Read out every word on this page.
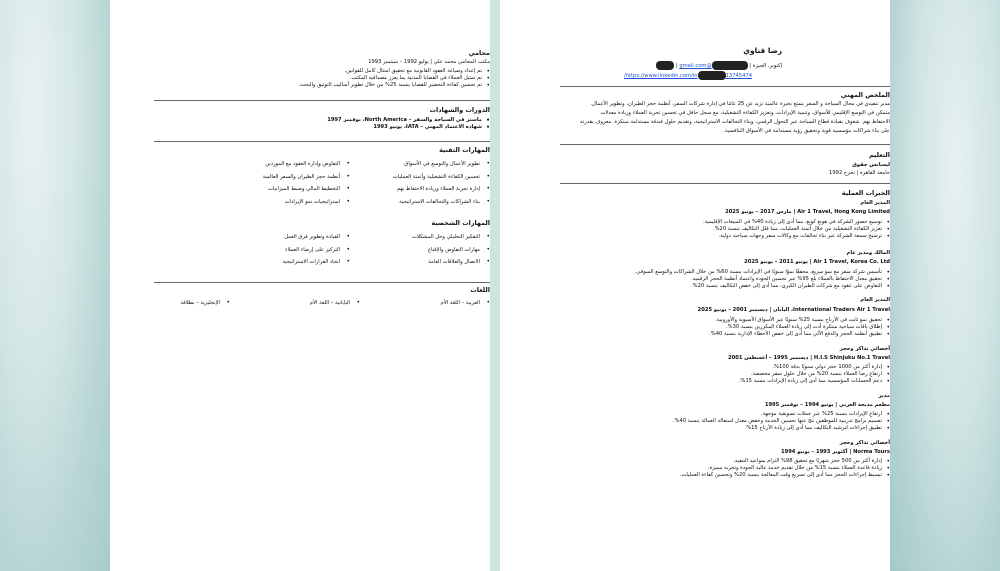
رضا قناوي
إكتوبر، الجيزة | @gmail.com |
13745474https://www.linkedin.com/in/
الملخص المهني
مدير تنفيذي في مجال السياحة و السفر يتمتع بخبرة عالمية تزيد عن 25 عامًا في إدارة شركات السفر، أنظمة حجز الطيران، وتطوير الأعمال.
متمكن في التوسع الإقليمي للأسواق، وتنمية الإيرادات، وتعزيز الكفاءة التشغيلية، مع سجل حافل في تحسين تجربة العملاء وزيادة معدلات
الاحتفاظ بهم. شغوف بقيادة قطاع السياحة عبر التحول الرقمي، وبناء التحالفات الاستراتيجية، وتقديم حلول فندقة مستدامة مبتكرة. معروف بقدرته
على بناء شراكات مؤسسية قوية وتحقيق رؤية مستدامة في الأسواق التنافسية.
التعليم
ليسانس حقوق
جامعة القاهرة | تخرج 1992
الخبرات العملية
المدير العام
Air 1 Travel, Hong Kong Limited | مارس 2017 – يونيو 2025
• توسيع حضور الشركة في هونغ كونغ، مما أدى إلى زيادة 40% في المبيعات الإقليمية.
• تعزيز الكفاءة التشغيلية من خلال أتمتة العمليات، مما قلل التكاليف بنسبة 20%.
• ترسيخ سمعة الشركة عبر بناء تحالفات مع وكالات سفر وجهات سياحية دولية.
المالك ومدير عام
Air 1 Travel, Korea Co. Ltd | يونيو 2011 – يونيو 2025
• تأسيس شركة سفر مع نمو سريع، محققًا نموًا سنويًا في الإيرادات بنسبة 60% من خلال الشراكات والتوسع السوقي.
• تحقيق معدل الاحتفاظ بالعملاء بلغ 95% عبر تحسين الجودة واعتماد أنظمة الحجز الرقمية.
• التفاوض على عقود مع شركات الطيران الكبرى، مما أدى إلى خفض التكاليف بنسبة 20%.
المدير العام
International Traders Air 1 Travel، اليابان | ديسمبر 2001 – يونيو 2025
• تحقيق نمو ثابت في الأرباح بنسبة 25% سنويًا عبر الأسواق الآسيوية والأوروبية.
• إطلاق باقات سياحية مبتكرة أدت إلى زيادة العملاء المكررين بنسبة 30%.
• تطبيق أنظمة الحجز والدفع الآلي مما أدى إلى خفض الأخطاء الإدارية بنسبة 40%.
أخصائي تذاكر وحجز
H.I.S Shinjuku No.1 Travel | ديسمبر 1995 – أغسطس 2001
• إدارة أكثر من 1000 حجز دولي سنويًا بدقة 100%.
• ارتفاع رضا العملاء بنسبة 20% من خلال حلول سفر مخصصة.
• دعم الحسابات المؤسسية مما أدى إلى زيادة الإيرادات بنسبة 15%.
مدير
مطعم مذبحة العربي | يونيو 1994 – نوفمبر 1995
• ارتفاع الإيرادات بنسبة 25% عبر حملات تسويقية موجهة.
• تصميم برامج تدريبية للموظفين نتج عنها تحسين الخدمة وخفض معدل استقالة العمالة بنسبة 40%.
• تطبيق إجراءات لترشيد التكاليف مما أدى إلى زيادة الأرباح 15%.
أخصائي تذاكر وحجز
Norma Tours | أكتوبر 1993 – يونيو 1994
• إدارة أكثر من 500 حجز شهريًا مع تحقيق 98% التزام بمواعيد التنفيذ.
• زيادة قاعدة العملاء بنسبة 15% من خلال تقديم خدمة عالية الجودة وتجربة مميزة.
• تبسيط إجراءات الحجز مما أدى إلى تسريع وقت المعالجة بنسبة 20% وتحسين كفاءة العمليات.
محامي
مكتب المحامي محمد علي | يوليو 1992 – سبتمبر 1993
• تم إعداد وصياغة العقود القانونية مع تحقيق امتثال كامل للقوانين.
• تم تمثيل العملاء في القضايا المدنية بما يعزز مصداقية المكتب.
• تم تحسين كفاءة التحضير للقضايا بنسبة 25% من خلال تطوير أساليب التوثيق والبحث.
الدورات والشهادات
• ماستر في السياحة والسفر – North America، نوفمبر 1997
• شهادة الاعتماد المهني – IATA، يونيو 1993
المهارات التقنية
• تطوير الأعمال والتوسع في الأسواق
• التفاوض وإدارة العقود مع الموردين
• تحسين الكفاءة التشغيلية وأتمتة العمليات
• أنظمة حجز الطيران والسفر العالمية
• إدارة تجربة العملاء وزيادة الاحتفاظ بهم
• التخطيط المالي وضبط الميزانيات
• بناء الشراكات والتحالفات الاستراتيجية
• استراتيجيات نمو الإيرادات
المهارات الشخصية
• التفكير التحليلي وحل المشكلات
• القيادة وتطوير فرق العمل
• مهارات التفاوض والإقناع
• التركيز على إرضاء العملاء
• الاتصال والعلاقات العامة
• اتخاذ القرارات الاستراتيجية
اللغات
• العربية – اللغة الأم
• اليابانية – اللغة الأم
• الإنجليزية – بطلاقة
